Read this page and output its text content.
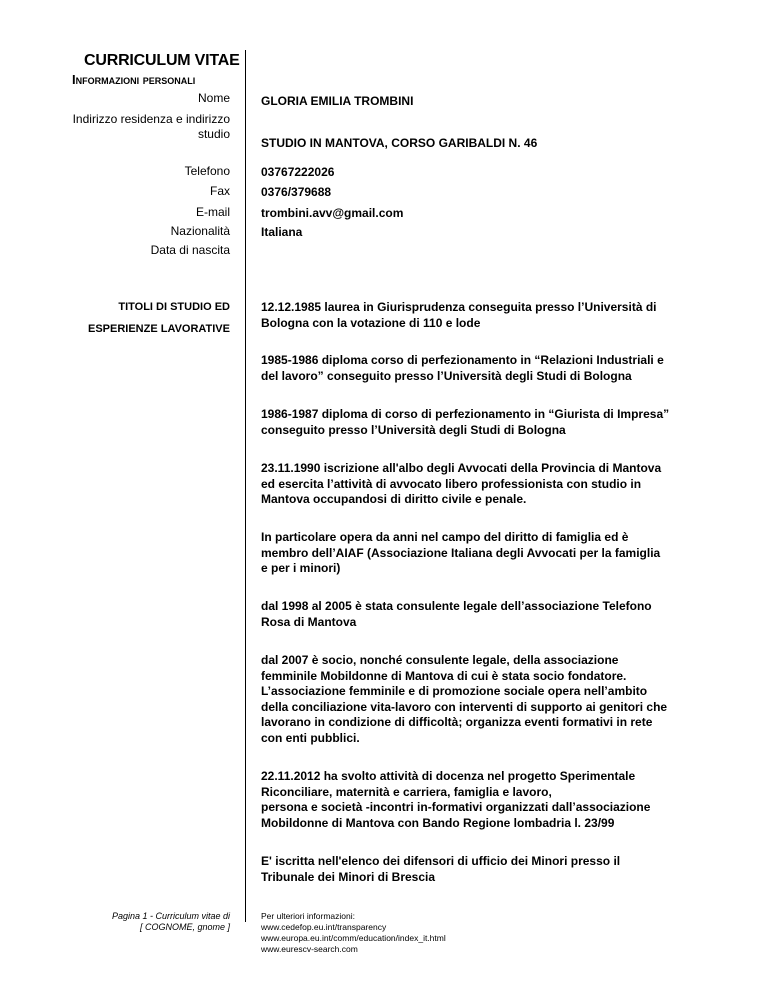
CURRICULUM VITAE
Informazioni personali
Nome
Indirizzo residenza e indirizzo
studio
Telefono
Fax
E-mail
Nazionalità
Data di nascita
GLORIA EMILIA TROMBINI
STUDIO IN MANTOVA, CORSO GARIBALDI N. 46
03767222026
0376/379688
trombini.avv@gmail.com
Italiana
TITOLI DI STUDIO ED
ESPERIENZE LAVORATIVE
12.12.1985 laurea in Giurisprudenza conseguita presso l’Università di
Bologna con la votazione di 110 e lode
1985-1986 diploma corso di perfezionamento in “Relazioni Industriali e
del lavoro” conseguito presso l’Università degli Studi di Bologna
1986-1987 diploma di corso di perfezionamento in “Giurista di Impresa”
conseguito presso l’Università degli Studi di Bologna
23.11.1990 iscrizione all'albo degli Avvocati della Provincia di Mantova
ed esercita l’attività di avvocato libero professionista con studio in
Mantova occupandosi di diritto civile e penale.
In particolare opera da anni nel campo del diritto di famiglia ed è
membro dell’AIAF (Associazione Italiana degli Avvocati per la famiglia
e per i minori)
dal 1998 al 2005 è stata consulente legale dell’associazione Telefono
Rosa di Mantova
dal 2007 è socio, nonché consulente legale, della associazione
femminile Mobildonne di Mantova di cui è stata socio fondatore.
L’associazione femminile e di promozione sociale opera nell’ambito
della conciliazione vita-lavoro con interventi di supporto ai genitori che
lavorano in condizione di difficoltà; organizza eventi formativi in rete
con enti pubblici.
22.11.2012 ha svolto attività di docenza nel progetto Sperimentale
Riconciliare, maternità e carriera, famiglia e lavoro,
persona e società -incontri in-formativi organizzati dall’associazione
Mobildonne di Mantova con Bando Regione lombadria l. 23/99
E' iscritta nell'elenco dei difensori di ufficio dei Minori presso il
Tribunale dei Minori di Brescia
Pagina 1 - Curriculum vitae di
[ COGNOME, gnome ]
Per ulteriori informazioni:
www.cedefop.eu.int/transparency
www.europa.eu.int/comm/education/index_it.html
www.eurescv-search.com
